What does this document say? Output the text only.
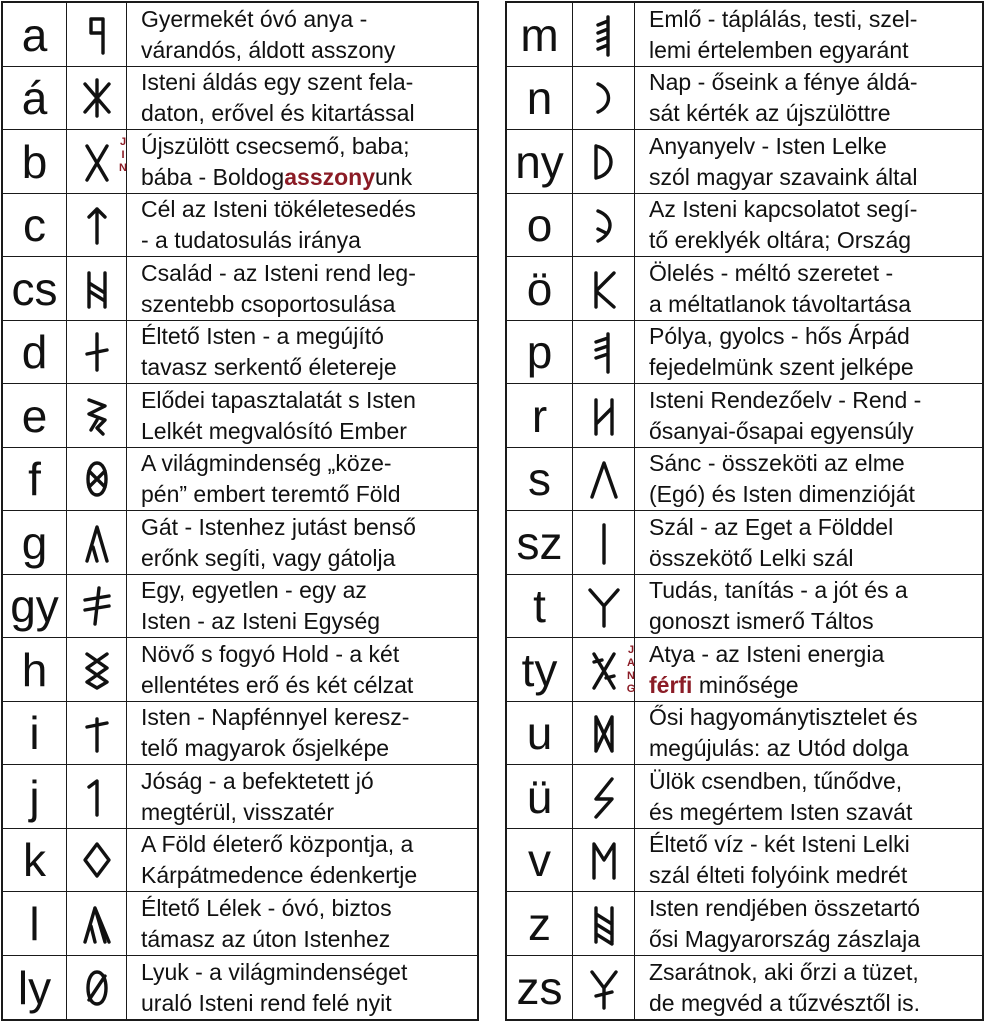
a	Gyermekét óvó anya -
várandós, áldott asszony
á	Isteni áldás egy szent fela-
daton, erővel és kitartással
b	J
I
N
Újszülött csecsemő, baba;
bába - Boldogasszonyunk
c	Cél az Isteni tökéletesedés
- a tudatosulás iránya
cs	Család - az Isteni rend leg-
szentebb csoportosulása
d	Éltető Isten - a megújító
tavasz serkentő életereje
e	Elődei tapasztalatát s Isten
Lelkét megvalósító Ember
f	A világmindenség „köze-
pén” embert teremtő Föld
g	Gát - Istenhez jutást benső
erőnk segíti, vagy gátolja
gy	Egy, egyetlen - egy az
Isten - az Isteni Egység
h	Növő s fogyó Hold - a két
ellentétes erő és két célzat
i	Isten - Napfénnyel keresz-
telő magyarok ősjelképe
j	Jóság - a befektetett jó
megtérül, visszatér
k	A Föld életerő központja, a
Kárpátmedence édenkertje
l	Éltető Lélek - óvó, biztos
támasz az úton Istenhez
ly	Lyuk - a világmindenséget
uraló Isteni rend felé nyit
m	Emlő - táplálás, testi, szel-
lemi értelemben egyaránt
n	Nap - őseink a fénye áldá-
sát kérték az újszülöttre
ny	Anyanyelv - Isten Lelke
szól magyar szavaink által
o	Az Isteni kapcsolatot segí-
tő ereklyék oltára; Ország
ö	Ölelés - méltó szeretet -
a méltatlanok távoltartása
p	Pólya, gyolcs - hős Árpád
fejedelmünk szent jelképe
r	Isteni Rendezőelv - Rend -
ősanyai-ősapai egyensúly
s	Sánc - összeköti az elme
(Egó) és Isten dimenzióját
sz	Szál - az Eget a Földdel
összekötő Lelki szál
t	Tudás, tanítás - a jót és a
gonoszt ismerő Táltos
ty	J
A
N
G
Atya - az Isteni energia
férfi minősége
u	Ősi hagyománytisztelet és
megújulás: az Utód dolga
ü	Ülök csendben, tűnődve,
és megértem Isten szavát
v	Éltető víz - két Isteni Lelki
szál élteti folyóink medrét
z	Isten rendjében összetartó
ősi Magyarország zászlaja
zs	Zsarátnok, aki őrzi a tüzet,
de megvéd a tűzvésztől is.
